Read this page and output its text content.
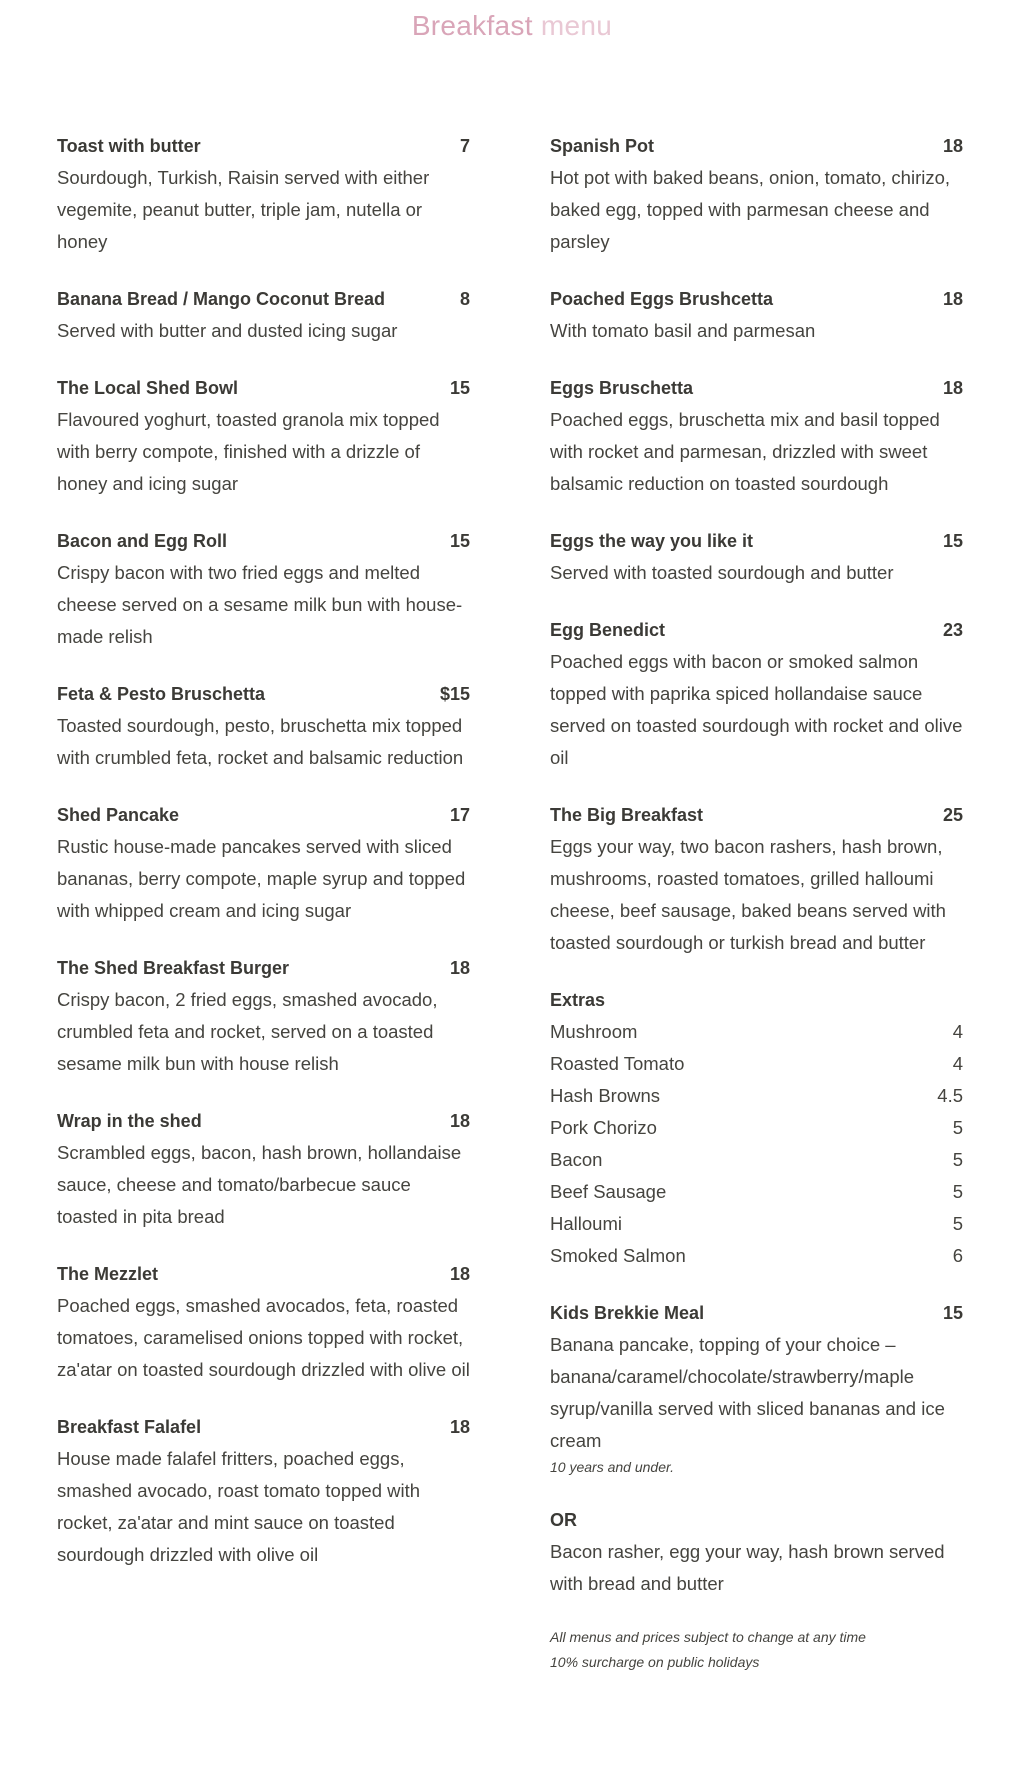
Breakfast menu
Toast with butter	7
Sourdough, Turkish, Raisin served with either vegemite, peanut butter, triple jam, nutella or honey
Banana Bread / Mango Coconut Bread	8
Served with butter and dusted icing sugar
The Local Shed Bowl	15
Flavoured yoghurt, toasted granola mix topped with berry compote, finished with a drizzle of honey and icing sugar
Bacon and Egg Roll	15
Crispy bacon with two fried eggs and melted cheese served on a sesame milk bun with house-made relish
Feta & Pesto Bruschetta	$15
Toasted sourdough, pesto, bruschetta mix topped with crumbled feta, rocket and balsamic reduction
Shed Pancake	17
Rustic house-made pancakes served with sliced bananas, berry compote, maple syrup and topped with whipped cream and icing sugar
The Shed Breakfast Burger	18
Crispy bacon, 2 fried eggs, smashed avocado, crumbled feta and rocket, served on a toasted sesame milk bun with house relish
Wrap in the shed	18
Scrambled eggs, bacon, hash brown, hollandaise sauce, cheese and tomato/barbecue sauce toasted in pita bread
The Mezzlet	18
Poached eggs, smashed avocados, feta, roasted tomatoes, caramelised onions topped with rocket, za'atar on toasted sourdough drizzled with olive oil
Breakfast Falafel	18
House made falafel fritters, poached eggs, smashed avocado, roast tomato topped with rocket, za'atar and mint sauce on toasted sourdough drizzled with olive oil
Spanish Pot	18
Hot pot with baked beans, onion, tomato, chirizo, baked egg, topped with parmesan cheese and parsley
Poached Eggs Brushcetta	18
With tomato basil and parmesan
Eggs Bruschetta	18
Poached eggs, bruschetta mix and basil topped with rocket and parmesan, drizzled with sweet balsamic reduction on toasted sourdough
Eggs the way you like it	15
Served with toasted sourdough and butter
Egg Benedict	23
Poached eggs with bacon or smoked salmon topped with paprika spiced hollandaise sauce served on toasted sourdough with rocket and olive oil
The Big Breakfast	25
Eggs your way, two bacon rashers, hash brown, mushrooms, roasted tomatoes, grilled halloumi cheese, beef sausage, baked beans served with toasted sourdough or turkish bread and butter
Extras
Mushroom	4
Roasted Tomato	4
Hash Browns	4.5
Pork Chorizo	5
Bacon	5
Beef Sausage	5
Halloumi	5
Smoked Salmon	6
Kids Brekkie Meal	15
Banana pancake, topping of your choice – banana/caramel/chocolate/strawberry/maple syrup/vanilla served with sliced bananas and ice cream
10 years and under.
OR
Bacon rasher, egg your way, hash brown served with bread and butter
All menus and prices subject to change at any time
10% surcharge on public holidays
